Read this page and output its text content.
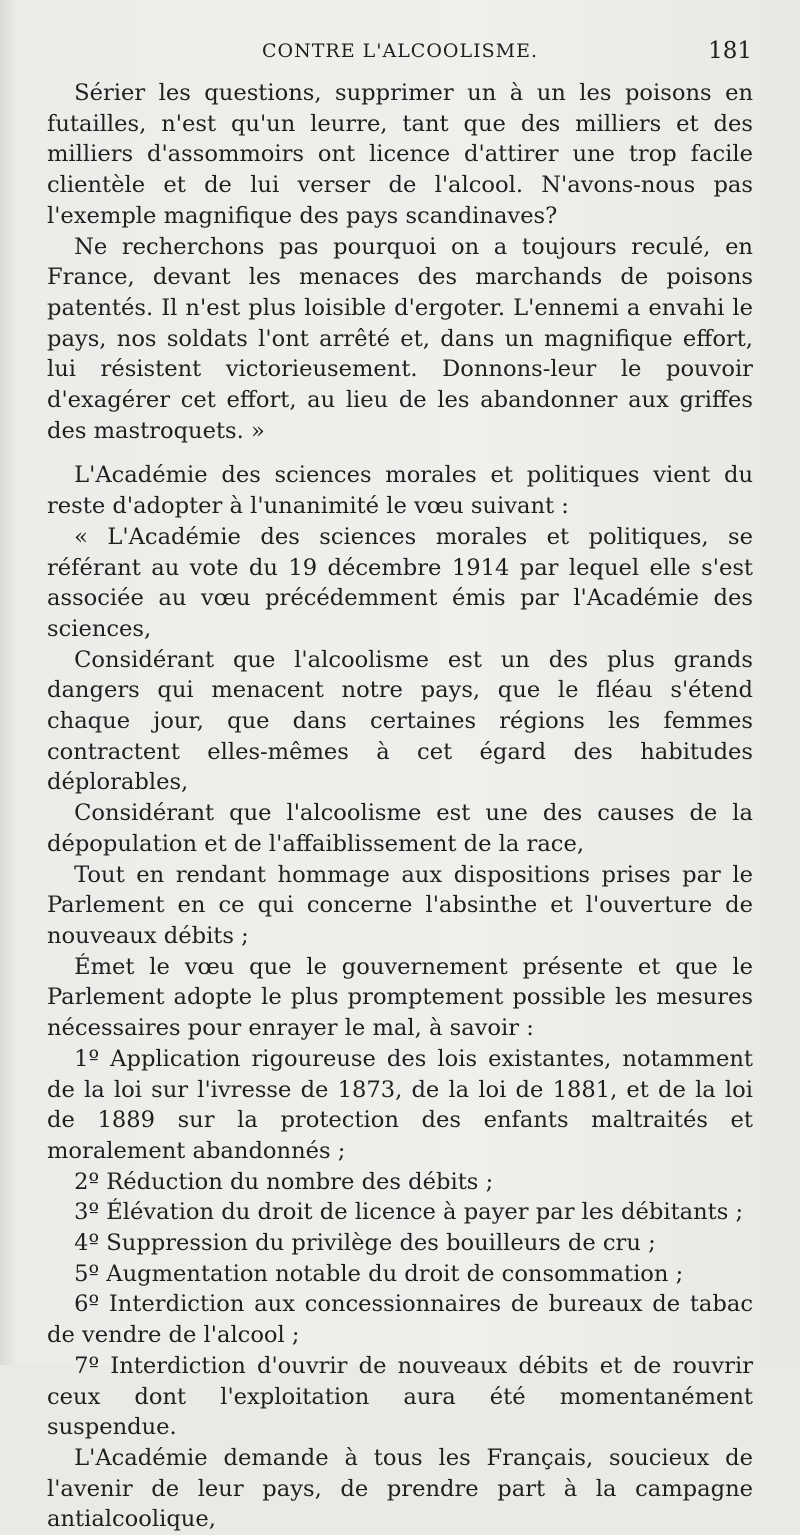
CONTRE L'ALCOOLISME.	181

Sérier les questions, supprimer un à un les poisons en futailles, n'est qu'un leurre, tant que des milliers et des milliers d'assommoirs ont licence d'attirer une trop facile clientèle et de lui verser de l'alcool. N'avons-nous pas l'exemple magnifique des pays scandinaves?

Ne recherchons pas pourquoi on a toujours reculé, en France, devant les menaces des marchands de poisons patentés. Il n'est plus loisible d'ergoter. L'ennemi a envahi le pays, nos soldats l'ont arrêté et, dans un magnifique effort, lui résistent victorieusement. Donnons-leur le pouvoir d'exagérer cet effort, au lieu de les abandonner aux griffes des mastroquets. »

L'Académie des sciences morales et politiques vient du reste d'adopter à l'unanimité le vœu suivant :

« L'Académie des sciences morales et politiques, se référant au vote du 19 décembre 1914 par lequel elle s'est associée au vœu précédemment émis par l'Académie des sciences,

Considérant que l'alcoolisme est un des plus grands dangers qui menacent notre pays, que le fléau s'étend chaque jour, que dans certaines régions les femmes contractent elles-mêmes à cet égard des habitudes déplorables,

Considérant que l'alcoolisme est une des causes de la dépopulation et de l'affaiblissement de la race,

Tout en rendant hommage aux dispositions prises par le Parlement en ce qui concerne l'absinthe et l'ouverture de nouveaux débits ;

Émet le vœu que le gouvernement présente et que le Parlement adopte le plus promptement possible les mesures nécessaires pour enrayer le mal, à savoir :

1º Application rigoureuse des lois existantes, notamment de la loi sur l'ivresse de 1873, de la loi de 1881, et de la loi de 1889 sur la protection des enfants maltraités et moralement abandonnés ;

2º Réduction du nombre des débits ;

3º Élévation du droit de licence à payer par les débitants ;

4º Suppression du privilège des bouilleurs de cru ;

5º Augmentation notable du droit de consommation ;

6º Interdiction aux concessionnaires de bureaux de tabac de vendre de l'alcool ;

7º Interdiction d'ouvrir de nouveaux débits et de rouvrir ceux dont l'exploitation aura été momentanément suspendue.

L'Académie demande à tous les Français, soucieux de l'avenir de leur pays, de prendre part à la campagne antialcoolique,
